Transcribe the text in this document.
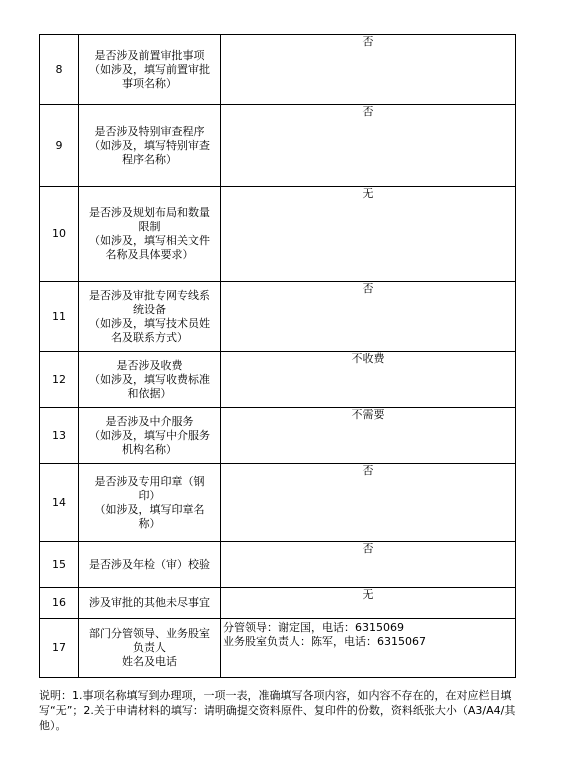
8	是否涉及前置审批事项
（如涉及，填写前置审批
事项名称）	否
9	是否涉及特别审查程序
（如涉及，填写特别审查
程序名称）	否
10	是否涉及规划布局和数量
限制
（如涉及，填写相关文件
名称及具体要求）	无
11	是否涉及审批专网专线系
统设备
（如涉及，填写技术员姓
名及联系方式）	否
12	是否涉及收费
（如涉及，填写收费标准
和依据）	不收费
13	是否涉及中介服务
（如涉及，填写中介服务
机构名称）	不需要
14	是否涉及专用印章（钢
印）
（如涉及，填写印章名
称）	否
15	是否涉及年检（审）校验	否
16	涉及审批的其他未尽事宜	无
17	部门分管领导、业务股室
负责人
姓名及电话	分管领导：谢定国，电话：6315069
业务股室负责人：陈军，电话：6315067
说明：1.事项名称填写到办理项，一项一表，准确填写各项内容，如内容不存在的，在对应栏目填写“无”；2.关于申请材料的填写：请明确提交资料原件、复印件的份数，资料纸张大小（A3/A4/其他）。
